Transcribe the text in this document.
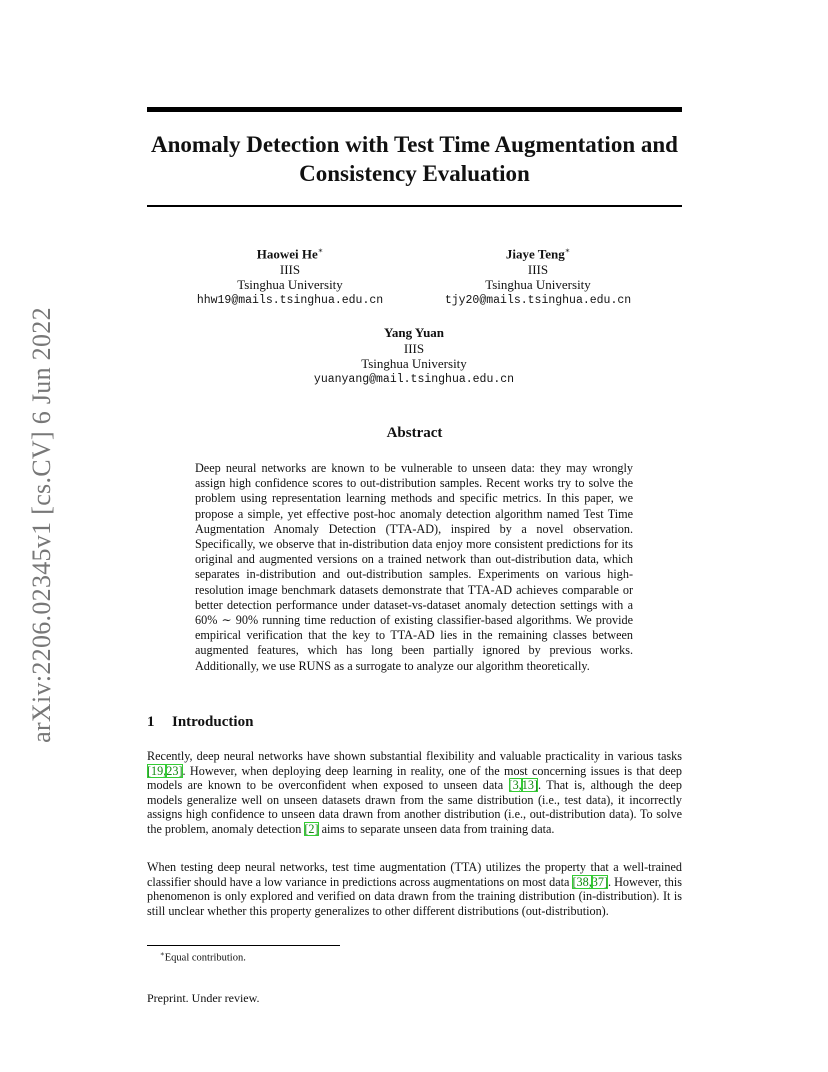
arXiv:2206.02345v1 [cs.CV] 6 Jun 2022
Anomaly Detection with Test Time Augmentation and Consistency Evaluation
Haowei He∗
IIIS
Tsinghua University
hhw19@mails.tsinghua.edu.cn
Jiaye Teng∗
IIIS
Tsinghua University
tjy20@mails.tsinghua.edu.cn
Yang Yuan
IIIS
Tsinghua University
yuanyang@mail.tsinghua.edu.cn
Abstract

Deep neural networks are known to be vulnerable to unseen data: they may wrongly assign high confidence scores to out-distribution samples. Recent works try to solve the problem using representation learning methods and specific metrics. In this paper, we propose a simple, yet effective post-hoc anomaly detection algorithm named Test Time Augmentation Anomaly Detection (TTA-AD), inspired by a novel observation. Specifically, we observe that in-distribution data enjoy more consistent predictions for its original and augmented versions on a trained network than out-distribution data, which separates in-distribution and out-distribution samples. Experiments on various high-resolution image benchmark datasets demonstrate that TTA-AD achieves comparable or better detection performance under dataset-vs-dataset anomaly detection settings with a 60% ∼ 90% running time reduction of existing classifier-based algorithms. We provide empirical verification that the key to TTA-AD lies in the remaining classes between augmented features, which has long been partially ignored by previous works. Additionally, we use RUNS as a surrogate to analyze our algorithm theoretically.

1 Introduction

Recently, deep neural networks have shown substantial flexibility and valuable practicality in various tasks [19,23]. However, when deploying deep learning in reality, one of the most concerning issues is that deep models are known to be overconfident when exposed to unseen data [3,13]. That is, although the deep models generalize well on unseen datasets drawn from the same distribution (i.e., test data), it incorrectly assigns high confidence to unseen data drawn from another distribution (i.e., out-distribution data). To solve the problem, anomaly detection [2] aims to separate unseen data from training data.

When testing deep neural networks, test time augmentation (TTA) utilizes the property that a well-trained classifier should have a low variance in predictions across augmentations on most data [38,37]. However, this phenomenon is only explored and verified on data drawn from the training distribution (in-distribution). It is still unclear whether this property generalizes to other different distributions (out-distribution).

∗Equal contribution.
Preprint. Under review.
